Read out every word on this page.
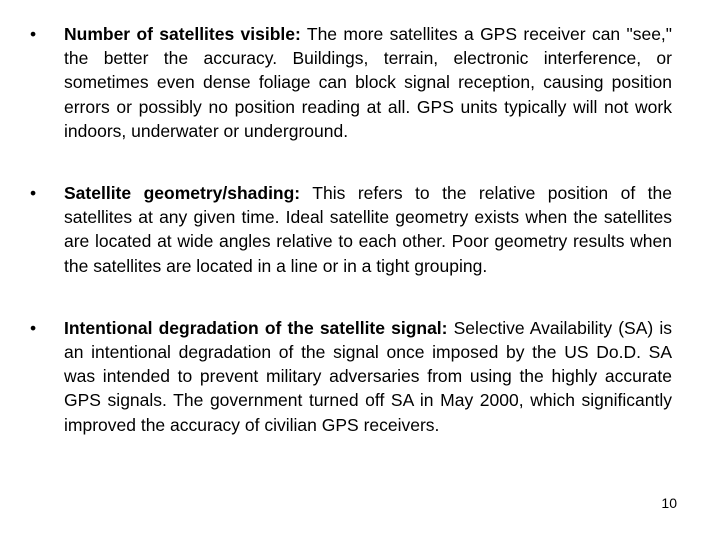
•	Number of satellites visible: The more satellites a GPS receiver can "see," the better the accuracy. Buildings, terrain, electronic interference, or sometimes even dense foliage can block signal reception, causing position errors or possibly no position reading at all. GPS units typically will not work indoors, underwater or underground.
•	Satellite geometry/shading: This refers to the relative position of the satellites at any given time. Ideal satellite geometry exists when the satellites are located at wide angles relative to each other. Poor geometry results when the satellites are located in a line or in a tight grouping.
•	Intentional degradation of the satellite signal: Selective Availability (SA) is an intentional degradation of the signal once imposed by the US Do.D. SA was intended to prevent military adversaries from using the highly accurate GPS signals. The government turned off SA in May 2000, which significantly improved the accuracy of civilian GPS receivers.
10
